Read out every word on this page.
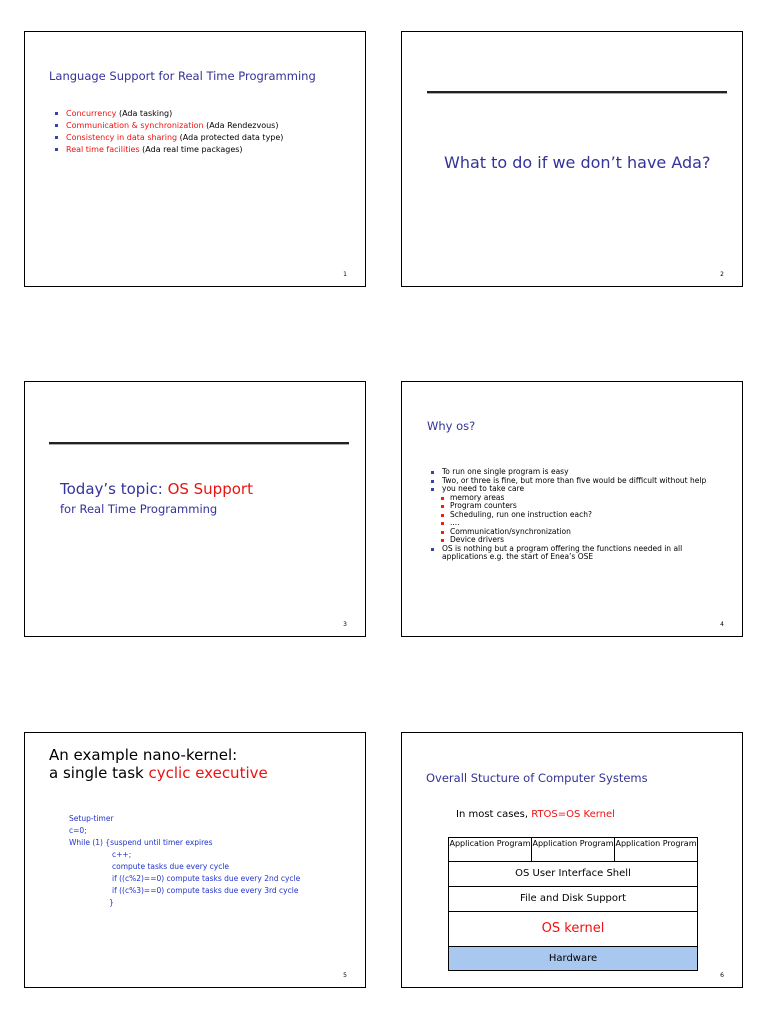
Language Support for Real Time Programming
Concurrency (Ada tasking)
Communication & synchronization (Ada Rendezvous)
Consistency in data sharing (Ada protected data type)
Real time facilities (Ada real time packages)
1
What to do if we don’t have Ada?
2
Today’s topic: OS Support
for Real Time Programming
3
Why os?
To run one single program is easy
Two, or three is fine, but more than five would be difficult without help
you need to take care
memory areas
Program counters
Scheduling, run one instruction each?
....
Communication/synchronization
Device drivers
OS is nothing but a program offering the functions needed in all applications e.g. the start of Enea’s OSE
4
An example nano-kernel:
a single task cyclic executive
Setup-timer
c=0;
While (1) {suspend until timer expires
c++;
compute tasks due every cycle
if ((c%2)==0) compute tasks due every 2nd cycle
if ((c%3)==0) compute tasks due every 3rd cycle
}
5
Overall Stucture of Computer Systems
In most cases, RTOS=OS Kernel
Application Program Application Program Application Program
OS User Interface Shell
File and Disk Support
OS kernel
Hardware
6
